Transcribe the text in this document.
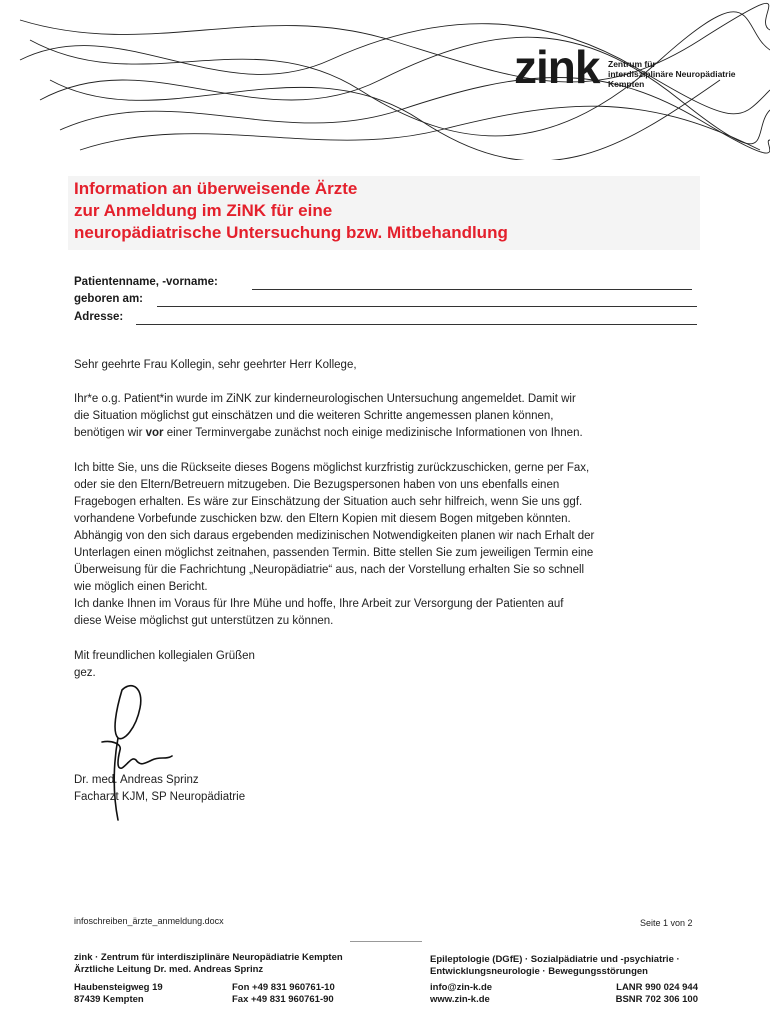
zink Zentrum für
interdisziplinäre Neuropädiatrie
Kempten
Information an überweisende Ärzte
zur Anmeldung im ZiNK für eine
neuropädiatrische Untersuchung bzw. Mitbehandlung
Patientenname, -vorname:
geboren am:
Adresse:
Sehr geehrte Frau Kollegin, sehr geehrter Herr Kollege,

Ihr*e o.g. Patient*in wurde im ZiNK zur kinderneurologischen Untersuchung angemeldet. Damit wir

die Situation möglichst gut einschätzen und die weiteren Schritte angemessen planen können,

benötigen wir vor einer Terminvergabe zunächst noch einige medizinische Informationen von Ihnen.

Ich bitte Sie, uns die Rückseite dieses Bogens möglichst kurzfristig zurückzuschicken, gerne per Fax,

oder sie den Eltern/Betreuern mitzugeben. Die Bezugspersonen haben von uns ebenfalls einen

Fragebogen erhalten. Es wäre zur Einschätzung der Situation auch sehr hilfreich, wenn Sie uns ggf.

vorhandene Vorbefunde zuschicken bzw. den Eltern Kopien mit diesem Bogen mitgeben könnten.

Abhängig von den sich daraus ergebenden medizinischen Notwendigkeiten planen wir nach Erhalt der

Unterlagen einen möglichst zeitnahen, passenden Termin. Bitte stellen Sie zum jeweiligen Termin eine

Überweisung für die Fachrichtung „Neuropädiatrie“ aus, nach der Vorstellung erhalten Sie so schnell

wie möglich einen Bericht.

Ich danke Ihnen im Voraus für Ihre Mühe und hoffe, Ihre Arbeit zur Versorgung der Patienten auf

diese Weise möglichst gut unterstützen zu können.

Mit freundlichen kollegialen Grüßen

gez.

Dr. med. Andreas Sprinz
Facharzt KJM, SP Neuropädiatrie
infoschreiben_ärzte_anmeldung.docx	Seite 1 von 2
zink · Zentrum für interdisziplinäre Neuropädiatrie Kempten
Ärztliche Leitung Dr. med. Andreas Sprinz
Haubensteigweg 19
87439 Kempten
Fon +49 831 960761-10
Fax +49 831 960761-90
Epileptologie (DGfE) · Sozialpädiatrie und -psychiatrie ·
Entwicklungsneurologie · Bewegungsstörungen
info@zin-k.de
www.zin-k.de
LANR 990 024 944
BSNR 702 306 100
